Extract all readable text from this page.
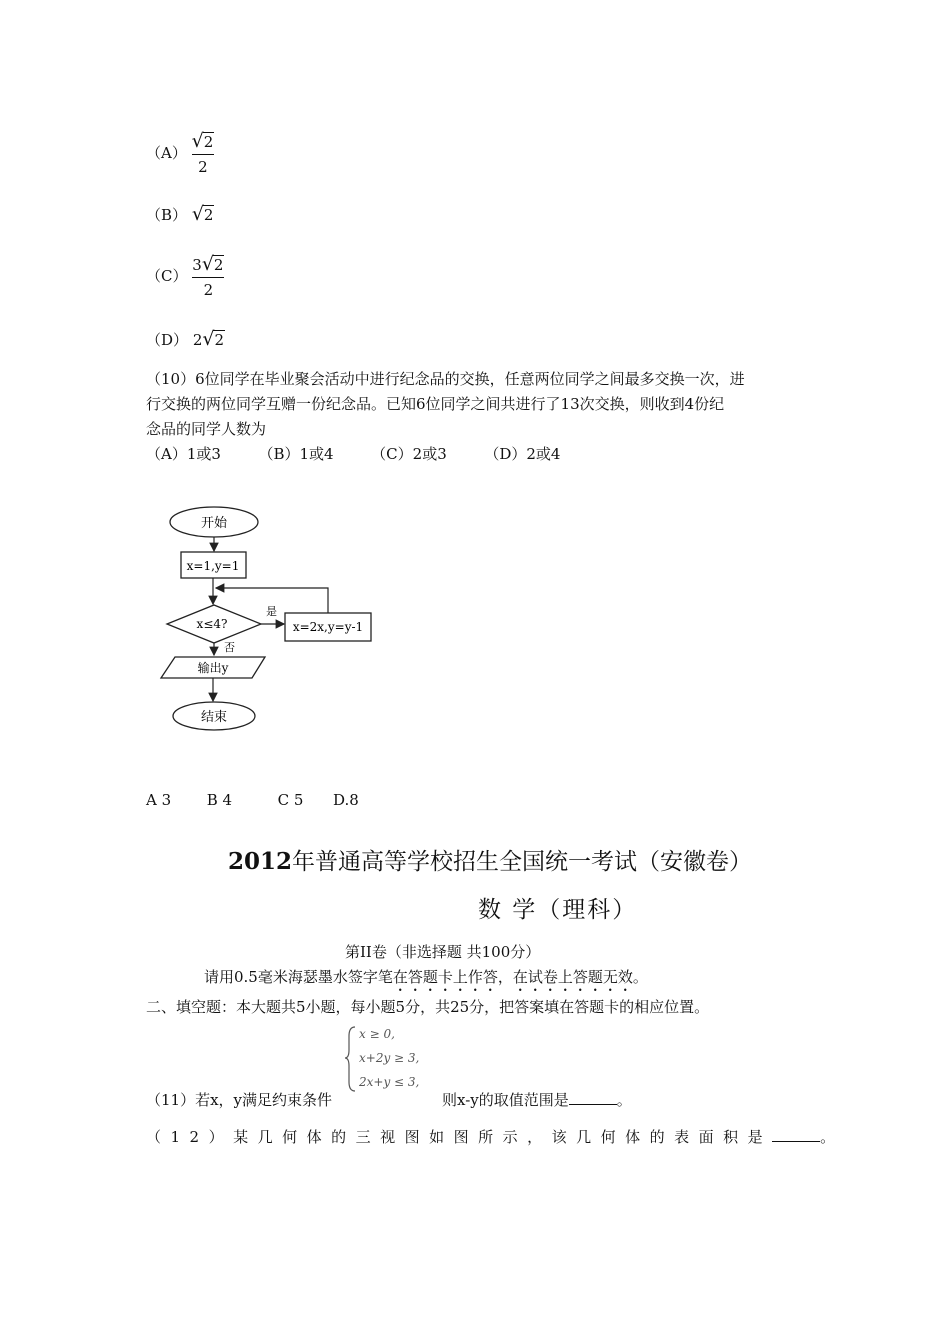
$(A) \frac{√2}{2}$
（B） √2
$(C) \frac{3√2}{2}$
（D） 2√2
（10）6位同学在毕业聚会活动中进行纪念品的交换，任意两位同学之间最多交换一次，进
行交换的两位同学互赠一份纪念品。已知6位同学之间共进行了13次交换，则收到4份纪
念品的同学人数为
（A）1或3	（B）1或4	（C）2或3	（D）2或4
开始
x=1,y=1
x≤4?
是
x=2x,y=y-1
否
输出y
结束
A 3 B 4	C 5 D.8
2012年普通高等学校招生全国统一考试（安徽卷）
数 学（理科）
第II卷（非选择题 共100分）
请用0.5毫米海瑟墨水签字笔在答题卡上作答，在试卷上答题无效。
二、填空题：本大题共5小题，每小题5分，共25分，把答案填在答题卡的相应位置。
x ≥ 0,
x+2y ≥ 3,
2x+y ≤ 3,
（11）若x，y满足约束条件	则x-y的取值范围是	。
（12）某几何体的三视图如图所示，该几何体的表面积是	。
